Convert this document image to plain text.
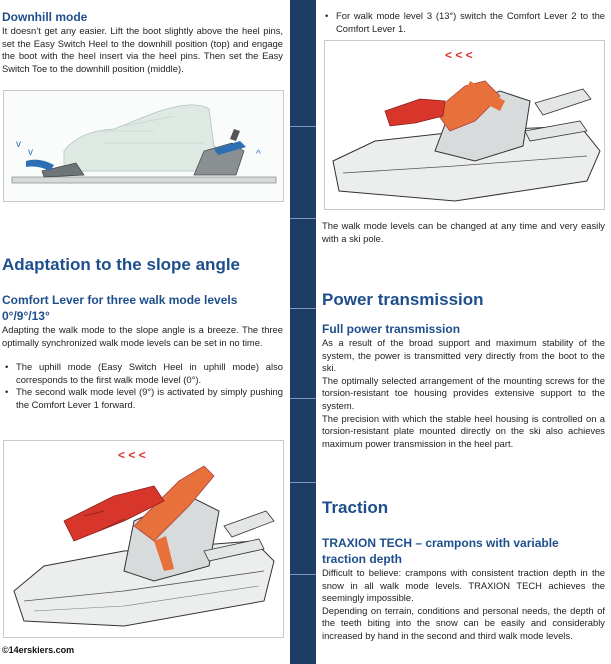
Downhill mode

It doesn’t get any easier. Lift the boot slightly above the heel pins, set the Easy Switch Heel to the downhill position (top) and engage the boot with the heel insert via the heel pins. Then set the Easy Switch Toe to the downhill position (middle).

v
v	^
Adaptation to the slope angle
Comfort Lever for three walk mode levels 0°/9°/13°

Adapting the walk mode to the slope angle is a breeze. The three optimally synchronized walk mode levels can be set in no time.

• The uphill mode (Easy Switch Heel in uphill mode) also corresponds to the first walk mode level (0°).
• The second walk mode level (9°) is activated by simply pushing the Comfort Lever 1 forward.
< < <
©14erskiers.com
• For walk mode level 3 (13°) switch the Comfort Lever 2 to the Comfort Lever 1.
< < <

The walk mode levels can be changed at any time and very easily with a ski pole.

Power transmission
Full power transmission

As a result of the broad support and maximum stability of the system, the power is transmitted very directly from the boot to the ski.

The optimally selected arrangement of the mounting screws for the torsion-resistant toe housing provides extensive support to the system.

The precision with which the stable heel housing is controlled on a torsion-resistant plate mounted directly on the ski also achieves maximum power transmission in the heel part.

Traction
TRAXION TECH – crampons with variable traction depth

Difficult to believe: crampons with consistent traction depth in the snow in all walk mode levels. TRAXION TECH achieves the seemingly impossible.

Depending on terrain, conditions and personal needs, the depth of the teeth biting into the snow can be easily and considerably increased by hand in the second and third walk mode levels.
